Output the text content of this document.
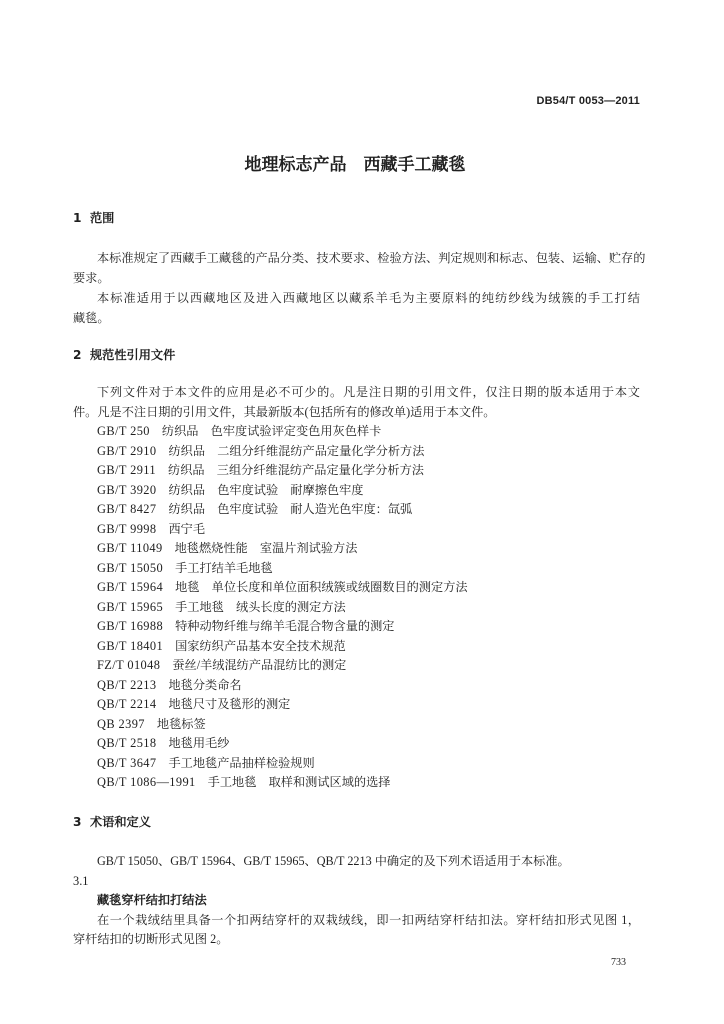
DB54/T 0053—2011
地理标志产品　西藏手工藏毯
1 范围
本标准规定了西藏手工藏毯的产品分类、技术要求、检验方法、判定规则和标志、包装、运输、贮存的
要求。
本标准适用于以西藏地区及进入西藏地区以藏系羊毛为主要原料的纯纺纱线为绒簇的手工打结
藏毯。
2 规范性引用文件
下列文件对于本文件的应用是必不可少的。凡是注日期的引用文件，仅注日期的版本适用于本文
件。凡是不注日期的引用文件，其最新版本(包括所有的修改单)适用于本文件。
GB/T 250 纺织品　色牢度试验评定变色用灰色样卡
GB/T 2910 纺织品　二组分纤维混纺产品定量化学分析方法
GB/T 2911 纺织品　三组分纤维混纺产品定量化学分析方法
GB/T 3920 纺织品　色牢度试验　耐摩擦色牢度
GB/T 8427 纺织品　色牢度试验　耐人造光色牢度：氙弧
GB/T 9998 西宁毛
GB/T 11049 地毯燃烧性能　室温片剂试验方法
GB/T 15050 手工打结羊毛地毯
GB/T 15964 地毯　单位长度和单位面积绒簇或绒圈数目的测定方法
GB/T 15965 手工地毯　绒头长度的测定方法
GB/T 16988 特种动物纤维与绵羊毛混合物含量的测定
GB/T 18401 国家纺织产品基本安全技术规范
FZ/T 01048 蚕丝/羊绒混纺产品混纺比的测定
QB/T 2213 地毯分类命名
QB/T 2214 地毯尺寸及毯形的测定
QB 2397 地毯标签
QB/T 2518 地毯用毛纱
QB/T 3647 手工地毯产品抽样检验规则
QB/T 1086—1991 手工地毯　取样和测试区域的选择
3 术语和定义
GB/T 15050、GB/T 15964、GB/T 15965、QB/T 2213 中确定的及下列术语适用于本标准。
3.1
藏毯穿杆结扣打结法
在一个栽绒结里具备一个扣两结穿杆的双栽绒线，即一扣两结穿杆结扣法。穿杆结扣形式见图 1，
穿杆结扣的切断形式见图 2。
733
